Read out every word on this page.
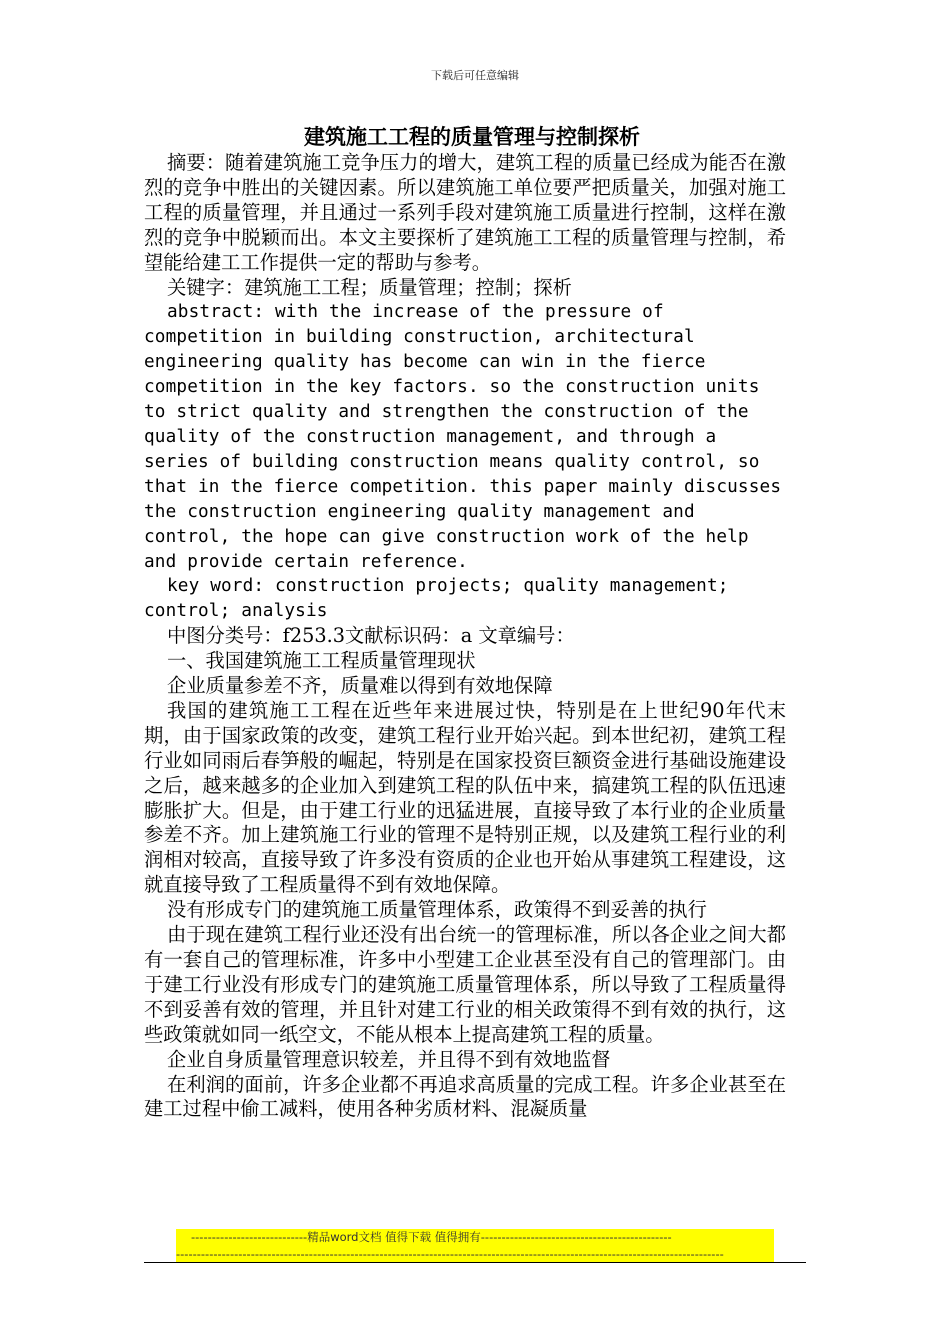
下载后可任意编辑
建筑施工工程的质量管理与控制探析

摘要：随着建筑施工竞争压力的增大，建筑工程的质量已经成为能否在激烈的竞争中胜出的关键因素。所以建筑施工单位要严把质量关，加强对施工工程的质量管理，并且通过一系列手段对建筑施工质量进行控制，这样在激烈的竞争中脱颖而出。本文主要探析了建筑施工工程的质量管理与控制，希望能给建工工作提供一定的帮助与参考。

关键字：建筑施工工程；质量管理；控制；探析

abstract: with the increase of the pressure of competition in building construction, architectural engineering quality has become can win in the fierce competition in the key factors. so the construction units to strict quality and strengthen the construction of the quality of the construction management, and through a series of building construction means quality control, so that in the fierce competition. this paper mainly discusses the construction engineering quality management and control, the hope can give construction work of the help and provide certain reference.

key word: construction projects; quality management; control; analysis

中图分类号：f253.3文献标识码：a 文章编号：

一、我国建筑施工工程质量管理现状

企业质量参差不齐，质量难以得到有效地保障

我国的建筑施工工程在近些年来进展过快，特别是在上世纪90年代末期，由于国家政策的改变，建筑工程行业开始兴起。到本世纪初，建筑工程行业如同雨后春笋般的崛起，特别是在国家投资巨额资金进行基础设施建设之后，越来越多的企业加入到建筑工程的队伍中来，搞建筑工程的队伍迅速膨胀扩大。但是，由于建工行业的迅猛进展，直接导致了本行业的企业质量参差不齐。加上建筑施工行业的管理不是特别正规，以及建筑工程行业的利润相对较高，直接导致了许多没有资质的企业也开始从事建筑工程建设，这就直接导致了工程质量得不到有效地保障。

没有形成专门的建筑施工质量管理体系，政策得不到妥善的执行

由于现在建筑工程行业还没有出台统一的管理标准，所以各企业之间大都有一套自己的管理标准，许多中小型建工企业甚至没有自己的管理部门。由于建工行业没有形成专门的建筑施工质量管理体系，所以导致了工程质量得不到妥善有效的管理，并且针对建工行业的相关政策得不到有效的执行，这些政策就如同一纸空文，不能从根本上提高建筑工程的质量。

企业自身质量管理意识较差，并且得不到有效地监督

在利润的面前，许多企业都不再追求高质量的完成工程。许多企业甚至在建工过程中偷工减料，使用各种劣质材料、混凝质量

----------------------------精品word文档 值得下载 值得拥有----------------------------------------------
------------------------------------------------------------------------------------------------------------------------------------
